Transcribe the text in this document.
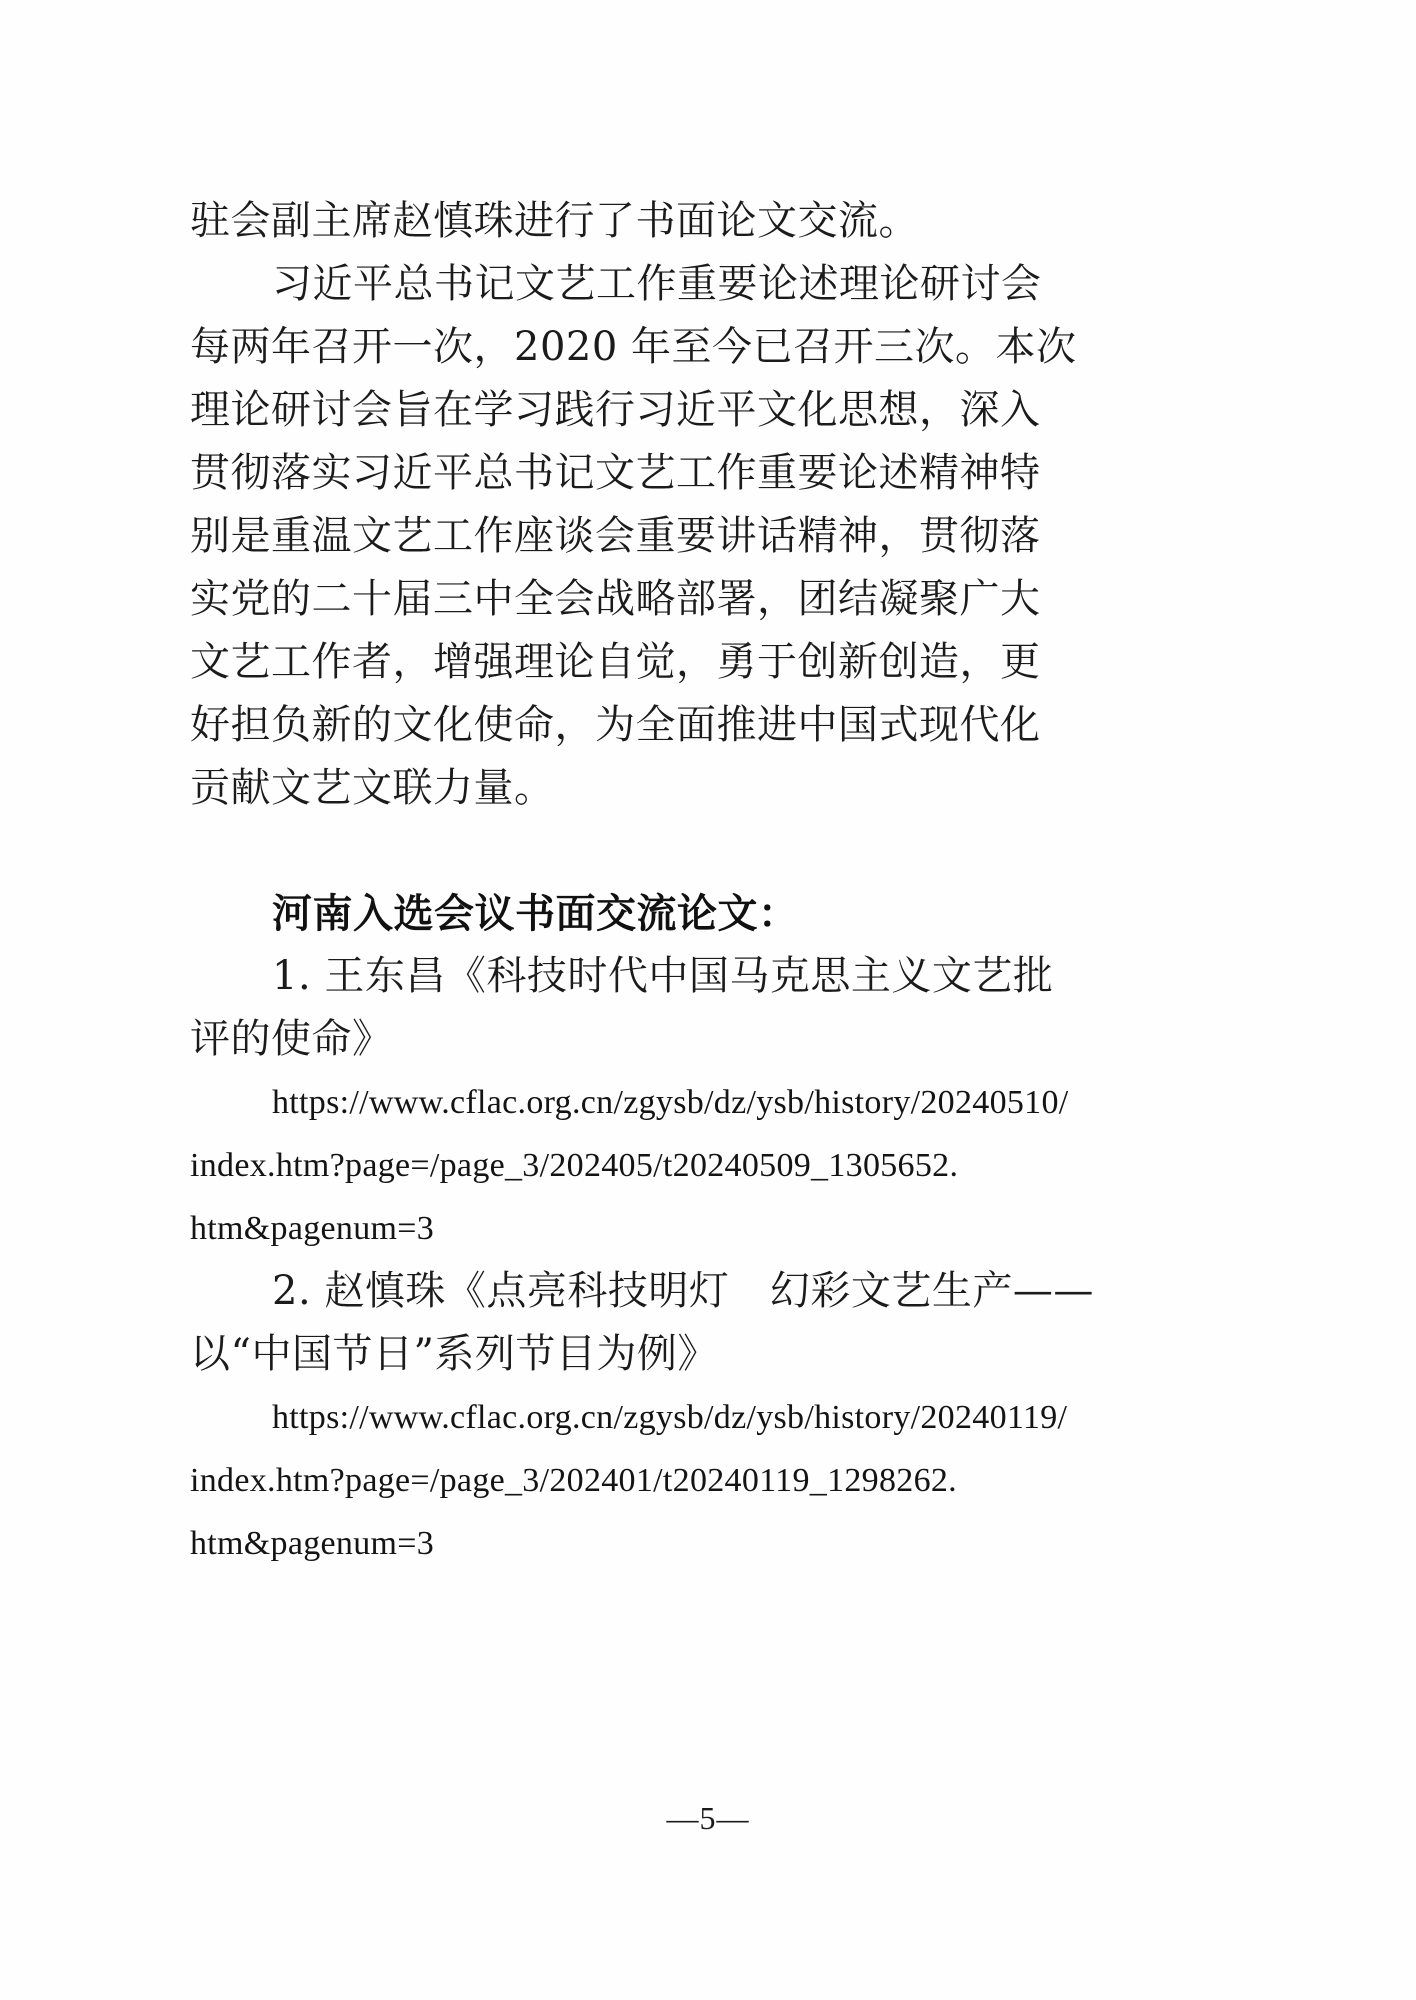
驻会副主席赵慎珠进行了书面论文交流。
习近平总书记文艺工作重要论述理论研讨会
每两年召开一次，2020 年至今已召开三次。本次
理论研讨会旨在学习践行习近平文化思想，深入
贯彻落实习近平总书记文艺工作重要论述精神特
别是重温文艺工作座谈会重要讲话精神，贯彻落
实党的二十届三中全会战略部署，团结凝聚广大
文艺工作者，增强理论自觉，勇于创新创造，更
好担负新的文化使命，为全面推进中国式现代化
贡献文艺文联力量。
河南入选会议书面交流论文：
1. 王东昌《科技时代中国马克思主义文艺批
评的使命》
https://www.cflac.org.cn/zgysb/dz/ysb/history/20240510/
index.htm?page=/page_3/202405/t20240509_1305652.
htm&pagenum=3
2. 赵慎珠《点亮科技明灯　幻彩文艺生产——
以“中国节日”系列节目为例》
https://www.cflac.org.cn/zgysb/dz/ysb/history/20240119/
index.htm?page=/page_3/202401/t20240119_1298262.
htm&pagenum=3
—5—
